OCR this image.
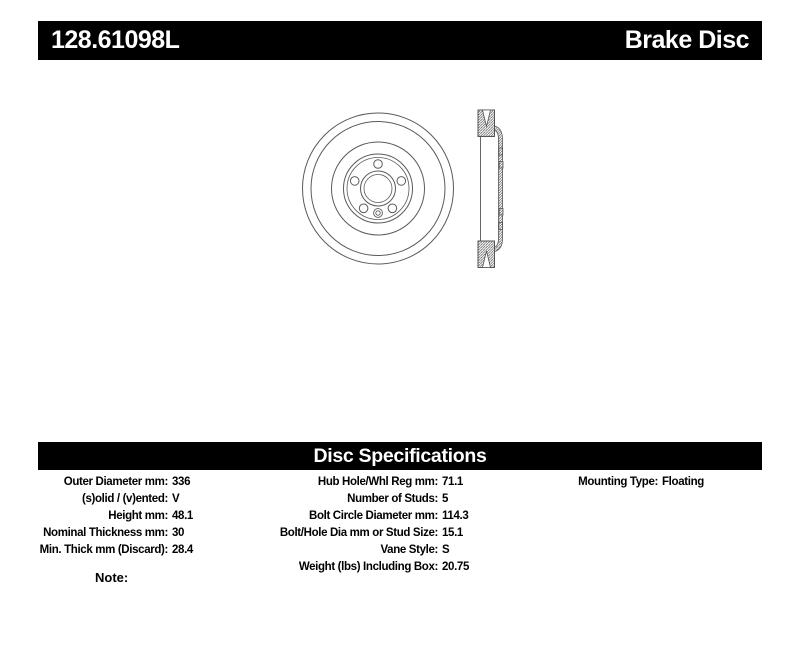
128.61098L	Brake Disc
Disc Specifications
Outer Diameter mm: 336
(s)olid / (v)ented: V
Height mm: 48.1
Nominal Thickness mm: 30
Min. Thick mm (Discard): 28.4
Hub Hole/Whl Reg mm: 71.1
Number of Studs: 5
Bolt Circle Diameter mm: 114.3
Bolt/Hole Dia mm or Stud Size: 15.1
Vane Style: S
Weight (lbs) Including Box: 20.75
Mounting Type: Floating
Note:
